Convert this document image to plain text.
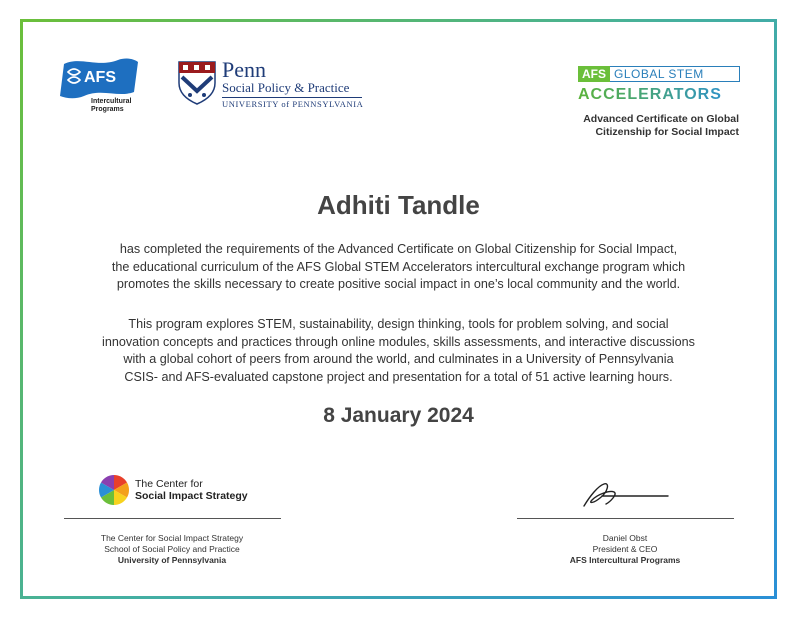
AFS
Intercultural
Programs
Penn
Social Policy & Practice
UNIVERSITY of PENNSYLVANIA
AFS GLOBAL STEM
ACCELERATORS
Advanced Certificate on Global
Citizenship for Social Impact
Adhiti Tandle
has completed the requirements of the Advanced Certificate on Global Citizenship for Social Impact,
the educational curriculum of the AFS Global STEM Accelerators intercultural exchange program which
promotes the skills necessary to create positive social impact in one’s local community and the world.
This program explores STEM, sustainability, design thinking, tools for problem solving, and social
innovation concepts and practices through online modules, skills assessments, and interactive discussions
with a global cohort of peers from around the world, and culminates in a University of Pennsylvania
CSIS- and AFS-evaluated capstone project and presentation for a total of 51 active learning hours.
8 January 2024
The Center for
Social Impact Strategy
The Center for Social Impact Strategy
School of Social Policy and Practice
University of Pennsylvania
Daniel Obst
President & CEO
AFS Intercultural Programs
